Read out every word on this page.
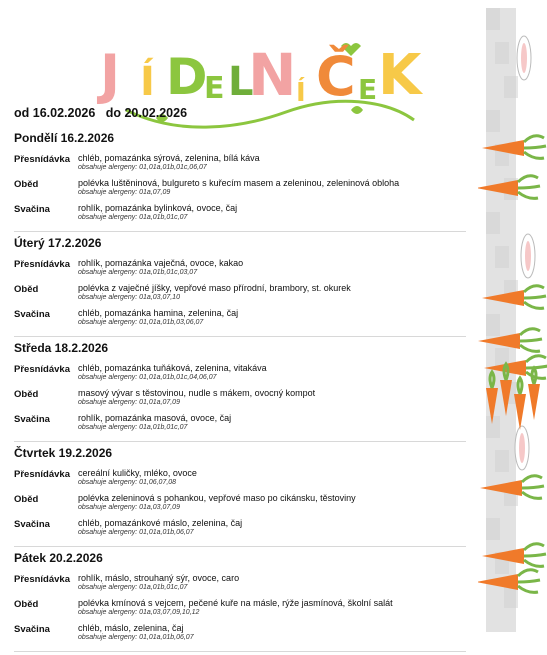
J Í D
E L
N Í Č E K
od 16.02.2026 do 20.02.2026
Pondělí 16.2.2026
Přesnídávka chléb, pomazánka sýrová, zelenina, bílá káva
obsahuje alergeny: 01,01a,01b,01c,06,07
Oběd	polévka luštěninová, bulgureto s kuřecím masem a zeleninou, zeleninová obloha
obsahuje alergeny: 01a,07,09
Svačina	rohlík, pomazánka bylinková, ovoce, čaj
obsahuje alergeny: 01a,01b,01c,07
Úterý 17.2.2026
Přesnídávka rohlík, pomazánka vaječná, ovoce, kakao
obsahuje alergeny: 01a,01b,01c,03,07
Oběd	polévka z vaječné jíšky, vepřové maso přírodní, brambory, st. okurek
obsahuje alergeny: 01a,03,07,10
Svačina	chléb, pomazánka hamina, zelenina, čaj
obsahuje alergeny: 01,01a,01b,03,06,07
Středa 18.2.2026
Přesnídávka chléb, pomazánka tuňáková, zelenina, vitakáva
obsahuje alergeny: 01,01a,01b,01c,04,06,07
Oběd	masový vývar s těstovinou, nudle s mákem, ovocný kompot
obsahuje alergeny: 01,01a,07,09
Svačina	rohlík, pomazánka masová, ovoce, čaj
obsahuje alergeny: 01a,01b,01c,07
Čtvrtek 19.2.2026
Přesnídávka cereální kuličky, mléko, ovoce
obsahuje alergeny: 01,06,07,08
Oběd	polévka zeleninová s pohankou, vepřové maso po cikánsku, těstoviny
obsahuje alergeny: 01a,03,07,09
Svačina	chléb, pomazánkové máslo, zelenina, čaj
obsahuje alergeny: 01,01a,01b,06,07
Pátek 20.2.2026
Přesnídávka rohlík, máslo, strouhaný sýr, ovoce, caro
obsahuje alergeny: 01a,01b,01c,07
Oběd	polévka kmínová s vejcem, pečené kuře na másle, rýže jasmínová, školní salát
obsahuje alergeny: 01a,03,07,09,10,12
Svačina	chléb, máslo, zelenina, čaj
obsahuje alergeny: 01,01a,01b,06,07
